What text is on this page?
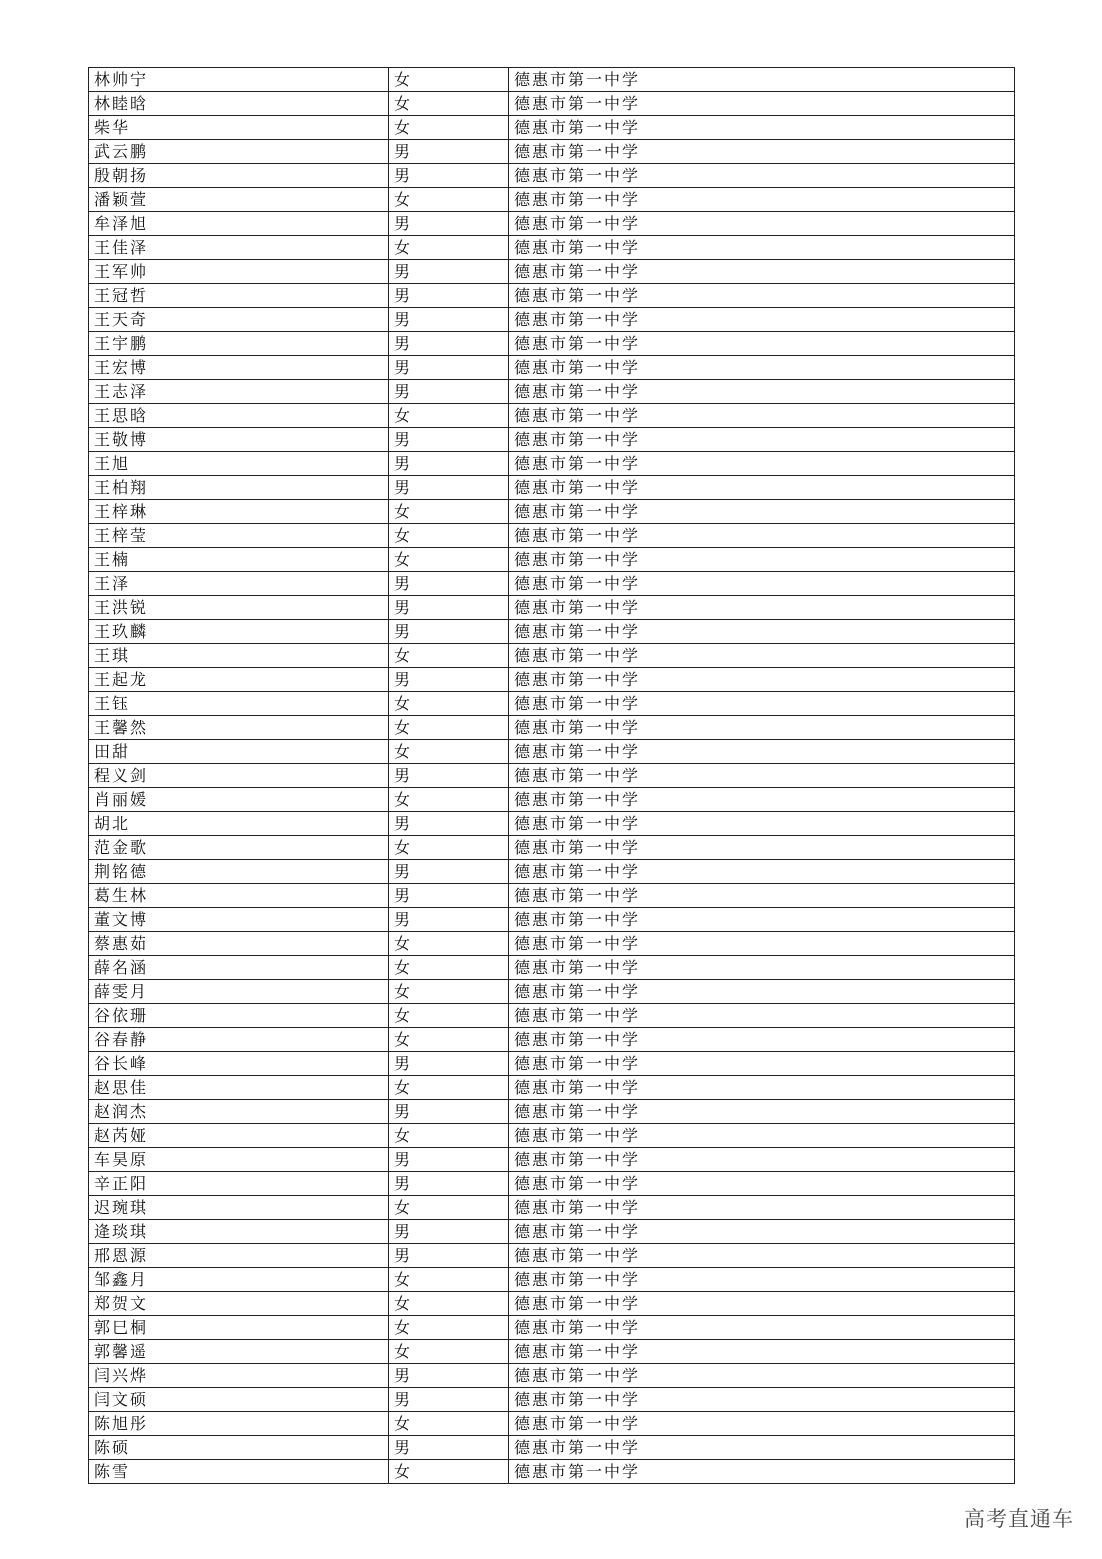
林帅宁	女	德惠市第一中学
林睦晗	女	德惠市第一中学
柴华	女	德惠市第一中学
武云鹏	男	德惠市第一中学
殷朝扬	男	德惠市第一中学
潘颖萱	女	德惠市第一中学
牟泽旭	男	德惠市第一中学
王佳泽	女	德惠市第一中学
王军帅	男	德惠市第一中学
王冠哲	男	德惠市第一中学
王天奇	男	德惠市第一中学
王宇鹏	男	德惠市第一中学
王宏博	男	德惠市第一中学
王志泽	男	德惠市第一中学
王思晗	女	德惠市第一中学
王敬博	男	德惠市第一中学
王旭	男	德惠市第一中学
王柏翔	男	德惠市第一中学
王梓琳	女	德惠市第一中学
王梓莹	女	德惠市第一中学
王楠	女	德惠市第一中学
王泽	男	德惠市第一中学
王洪锐	男	德惠市第一中学
王玖麟	男	德惠市第一中学
王琪	女	德惠市第一中学
王起龙	男	德惠市第一中学
王钰	女	德惠市第一中学
王馨然	女	德惠市第一中学
田甜	女	德惠市第一中学
程义剑	男	德惠市第一中学
肖丽媛	女	德惠市第一中学
胡北	男	德惠市第一中学
范金歌	女	德惠市第一中学
荆铭德	男	德惠市第一中学
葛生林	男	德惠市第一中学
董文博	男	德惠市第一中学
蔡惠茹	女	德惠市第一中学
薛名涵	女	德惠市第一中学
薛雯月	女	德惠市第一中学
谷依珊	女	德惠市第一中学
谷春静	女	德惠市第一中学
谷长峰	男	德惠市第一中学
赵思佳	女	德惠市第一中学
赵润杰	男	德惠市第一中学
赵芮娅	女	德惠市第一中学
车昊原	男	德惠市第一中学
辛正阳	男	德惠市第一中学
迟琬琪	女	德惠市第一中学
逄琰琪	男	德惠市第一中学
邢恩源	男	德惠市第一中学
邹鑫月	女	德惠市第一中学
郑贺文	女	德惠市第一中学
郭巳桐	女	德惠市第一中学
郭馨遥	女	德惠市第一中学
闫兴烨	男	德惠市第一中学
闫文硕	男	德惠市第一中学
陈旭彤	女	德惠市第一中学
陈硕	男	德惠市第一中学
陈雪	女	德惠市第一中学
高考直通车
